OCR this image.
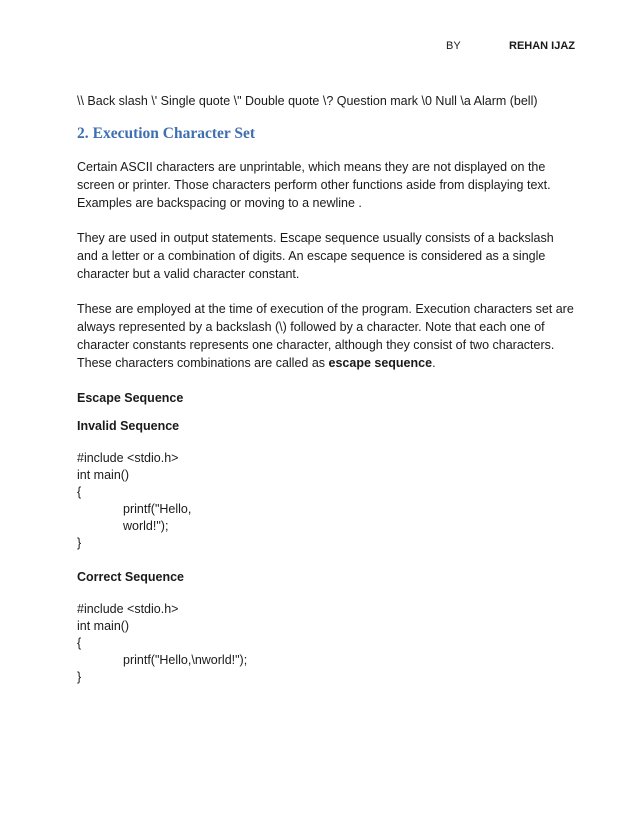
BY	REHAN IJAZ
\\ Back slash \' Single quote \" Double quote \? Question mark \0 Null \a Alarm (bell)
2. Execution Character Set

Certain ASCII characters are unprintable, which means they are not displayed on the screen or printer. Those characters perform other functions aside from displaying text. Examples are backspacing or moving to a newline .

They are used in output statements. Escape sequence usually consists of a backslash and a letter or a combination of digits. An escape sequence is considered as a single character but a valid character constant.

These are employed at the time of execution of the program. Execution characters set are always represented by a backslash (\) followed by a character. Note that each one of character constants represents one character, although they consist of two characters. These characters combinations are called as escape sequence.

Escape Sequence
Invalid Sequence
#include <stdio.h>
int main()
{
printf("Hello,
world!");
}
Correct Sequence
#include <stdio.h>
int main()
{
printf("Hello,\nworld!");
}
